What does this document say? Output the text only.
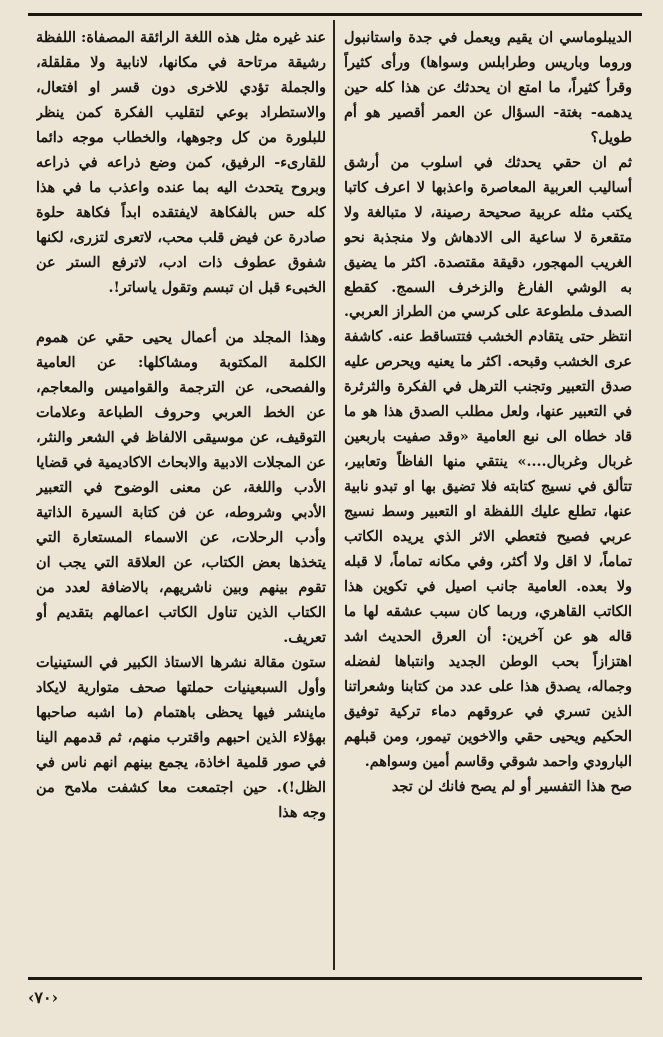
الديبلوماسي ان يقيم ويعمل في جدة واستانبول وروما وباريس وطرابلس وسواها) ورأى كثيراً وقرأ كثيراً، ما امتع ان يحدثك عن هذا كله حين يدهمه- بغتة- السؤال عن العمر أقصير هو أم طويل؟

ثم ان حقي يحدثك في اسلوب من أرشق أساليب العربية المعاصرة واعذبها لا اعرف كاتبا يكتب مثله عربية صحيحة رصينة، لا متبالغة ولا متقعرة لا ساعية الى الادهاش ولا منجذبة نحو الغريب المهجور، دقيقة مقتصدة. اكثر ما يضيق به الوشي الفارغ والزخرف السمج. كقطع الصدف ملطوعة على كرسي من الطراز العربي. انتظر حتى يتقادم الخشب فتتساقط عنه. كاشفة عرى الخشب وقبحه. اكثر ما يعنيه ويحرص عليه صدق التعبير وتجنب الترهل في الفكرة والثرثرة في التعبير عنها، ولعل مطلب الصدق هذا هو ما قاد خطاه الى نبع العامية «وقد صفيت باربعين غربال وغربال....» ينتقي منها الفاظاً وتعابير، تتألق في نسيج كتابته فلا تضيق بها او تبدو نابية عنها، تطلع عليك اللفظة او التعبير وسط نسيج عربي فصيح فتعطي الاثر الذي يريده الكاتب تماماً، لا اقل ولا أكثر، وفي مكانه تماماً، لا قبله ولا بعده. العامية جانب اصيل في تكوين هذا الكاتب القاهري، وربما كان سبب عشقه لها ما قاله هو عن آخرين: أن العرق الحديث اشد اهتزازاً بحب الوطن الجديد وانتباها لفضله وجماله، يصدق هذا على عدد من كتابنا وشعراتنا الذين تسري في عروقهم دماء تركية توفيق الحكيم ويحيى حقي والاخوين تيمور، ومن قبلهم البارودي واحمد شوقي وقاسم أمين وسواهم.

صح هذا التفسير أو لم يصح فانك لن تجد

عند غيره مثل هذه اللغة الرائقة المصفاة: اللفظة رشيقة مرتاحة في مكانها، لانابية ولا مقلقلة، والجملة تؤدي للاخرى دون قسر او افتعال، والاستطراد بوعي لتقليب الفكرة كمن ينظر للبلورة من كل وجوهها، والخطاب موجه دائما للقارىء- الرفيق، كمن وضع ذراعه في ذراعه وبروح يتحدث اليه بما عنده واعذب ما في هذا كله حس بالفكاهة لايفتقده ابداً فكاهة حلوة صادرة عن فيض قلب محب، لاتعرى لتزرى، لكنها شفوق عطوف ذات ادب، لاترفع الستر عن الخبىء قبل ان تبسم وتقول ياساتر!.

وهذا المجلد من أعمال يحيى حقي عن هموم الكلمة المكتوبة ومشاكلها: عن العامية والفصحى، عن الترجمة والقواميس والمعاجم، عن الخط العربي وحروف الطباعة وعلامات التوقيف، عن موسيقى الالفاظ في الشعر والنثر، عن المجلات الادبية والابحاث الاكاديمية في قضايا الأدب واللغة، عن معنى الوضوح في التعبير الأدبي وشروطه، عن فن كتابة السيرة الذاتية وأدب الرحلات، عن الاسماء المستعارة التي يتخذها بعض الكتاب، عن العلاقة التي يجب ان تقوم بينهم وبين ناشريهم، بالاضافة لعدد من الكتاب الذين تناول الكاتب اعمالهم بتقديم أو تعريف.

ستون مقالة نشرها الاستاذ الكبير في الستينيات وأول السبعينيات حملتها صحف متوارية لايكاد ماينشر فيها يحظى باهتمام (ما اشبه صاحبها بهؤلاء الذين احبهم واقترب منهم، ثم قدمهم الينا في صور قلمية اخاذة، يجمع بينهم انهم ناس في الظل!). حين اجتمعت معا كشفت ملامح من وجه هذا

‹٧٠›
